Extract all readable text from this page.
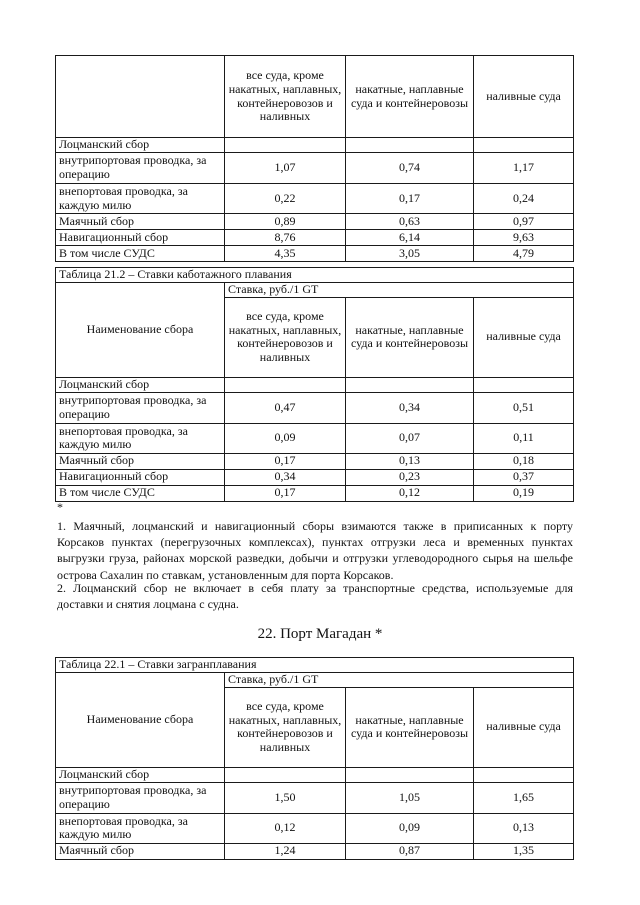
	все суда, кроме накатных, наплавных, контейнеровозов и наливных	накатные, наплавные суда и контейнеровозы	наливные суда
Лоцманский сбор			
внутрипортовая проводка, за операцию	1,07	0,74	1,17
внепортовая проводка, за каждую милю	0,22	0,17	0,24
Маячный сбор	0,89	0,63	0,97
Навигационный сбор	8,76	6,14	9,63
В том числе СУДС	4,35	3,05	4,79
Таблица 21.2 – Ставки каботажного плавания			
Наименование сбора	Ставка, руб./1 GT		
	все суда, кроме накатных, наплавных, контейнеровозов и наливных	накатные, наплавные суда и контейнеровозы	наливные суда
Лоцманский сбор			
внутрипортовая проводка, за операцию	0,47	0,34	0,51
внепортовая проводка, за каждую милю	0,09	0,07	0,11
Маячный сбор	0,17	0,13	0,18
Навигационный сбор	0,34	0,23	0,37
В том числе СУДС	0,17	0,12	0,19
*
1. Маячный, лоцманский и навигационный сборы взимаются также в приписанных к порту Корсаков пунктах (перегрузочных комплексах), пунктах отгрузки леса и временных пунктах выгрузки груза, районах морской разведки, добычи и отгрузки углеводородного сырья на шельфе острова Сахалин по ставкам, установленным для порта Корсаков.
2. Лоцманский сбор не включает в себя плату за транспортные средства, используемые для доставки и снятия лоцмана с судна.
22. Порт Магадан *
Таблица 22.1 – Ставки загранплавания			
Наименование сбора	Ставка, руб./1 GT		
	все суда, кроме накатных, наплавных, контейнеровозов и наливных	накатные, наплавные суда и контейнеровозы	наливные суда
Лоцманский сбор			
внутрипортовая проводка, за операцию	1,50	1,05	1,65
внепортовая проводка, за каждую милю	0,12	0,09	0,13
Маячный сбор	1,24	0,87	1,35
